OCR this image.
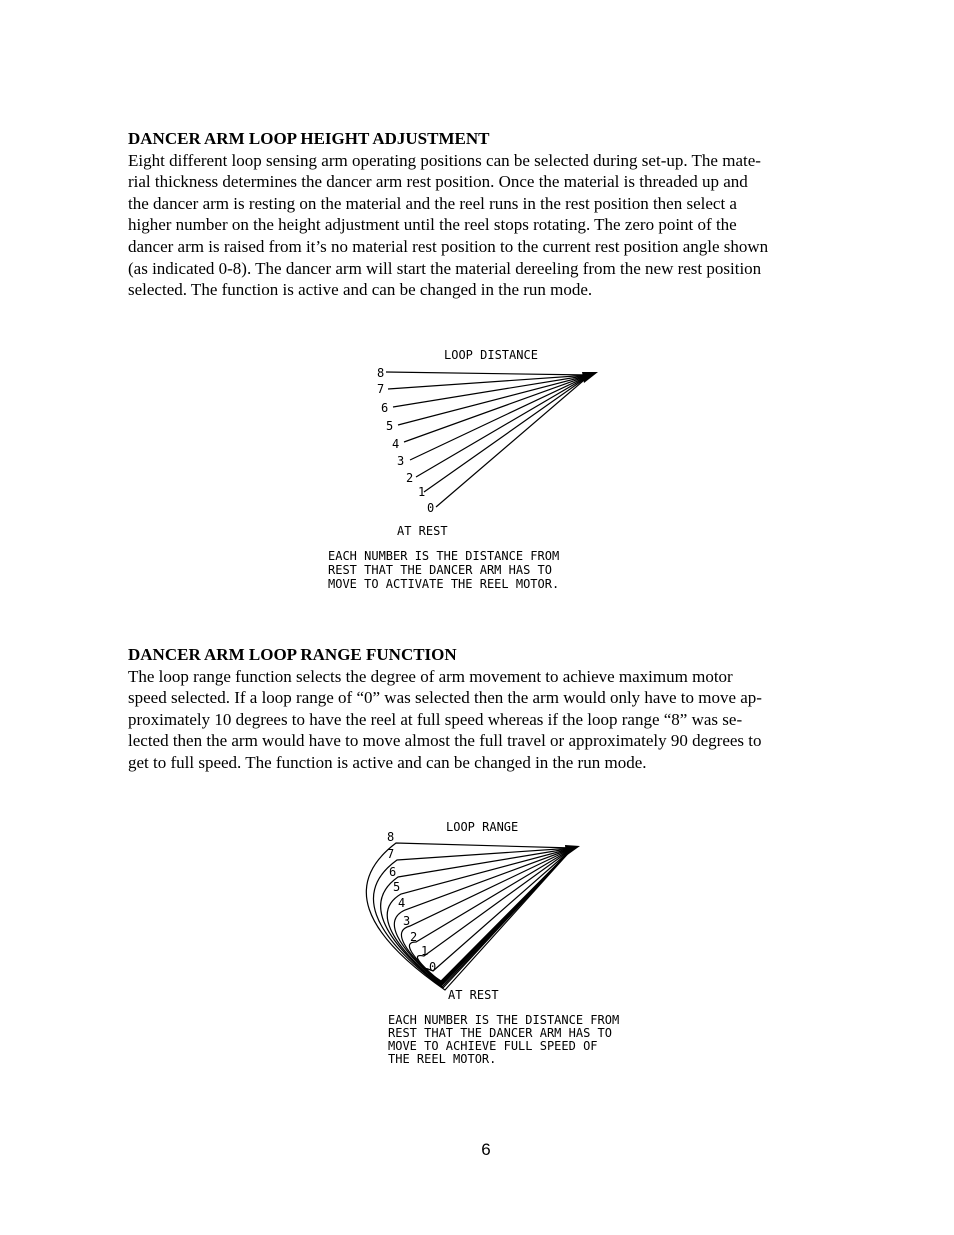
DANCER ARM LOOP HEIGHT ADJUSTMENT

Eight different loop sensing arm operating positions can be selected during set-up. The mate-
rial thickness determines the dancer arm rest position. Once the material is threaded up and
the dancer arm is resting on the material and the reel runs in the rest position then select a
higher number on the height adjustment until the reel stops rotating. The zero point of the
dancer arm is raised from it’s no material rest position to the current rest position angle shown
(as indicated 0-8). The dancer arm will start the material dereeling from the new rest position
selected. The function is active and can be changed in the run mode.

LOOP DISTANCE
8
7
6
5
4
3
2
1
0
AT REST
EACH NUMBER IS THE DISTANCE FROM
REST THAT THE DANCER ARM HAS TO
MOVE TO ACTIVATE THE REEL MOTOR.
LOOP RANGE
8
7
6
5
4
3
2
1
0
AT REST
EACH NUMBER IS THE DISTANCE FROM
REST THAT THE DANCER ARM HAS TO
MOVE TO ACHIEVE FULL SPEED OF
THE REEL MOTOR.
DANCER ARM LOOP RANGE FUNCTION

The loop range function selects the degree of arm movement to achieve maximum motor
speed selected. If a loop range of “0” was selected then the arm would only have to move ap-
proximately 10 degrees to have the reel at full speed whereas if the loop range “8” was se-
lected then the arm would have to move almost the full travel or approximately 90 degrees to
get to full speed. The function is active and can be changed in the run mode.

6
